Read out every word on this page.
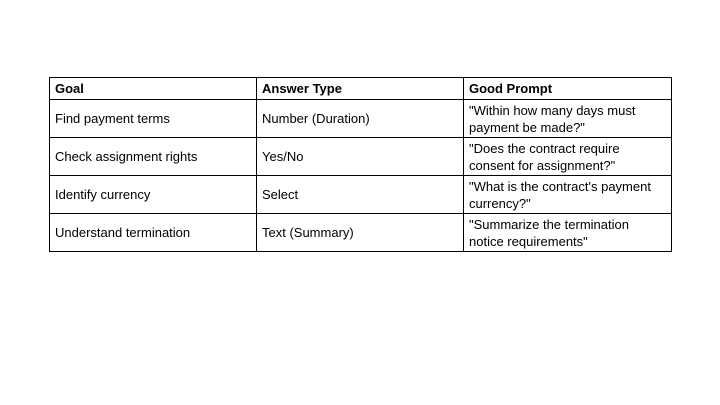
Goal	Answer Type	Good Prompt
Find payment terms	Number (Duration)	"Within how many days must payment be made?"
Check assignment rights	Yes/No	"Does the contract require consent for assignment?"
Identify currency	Select	"What is the contract's payment currency?"
Understand termination	Text (Summary)	"Summarize the termination notice requirements"
